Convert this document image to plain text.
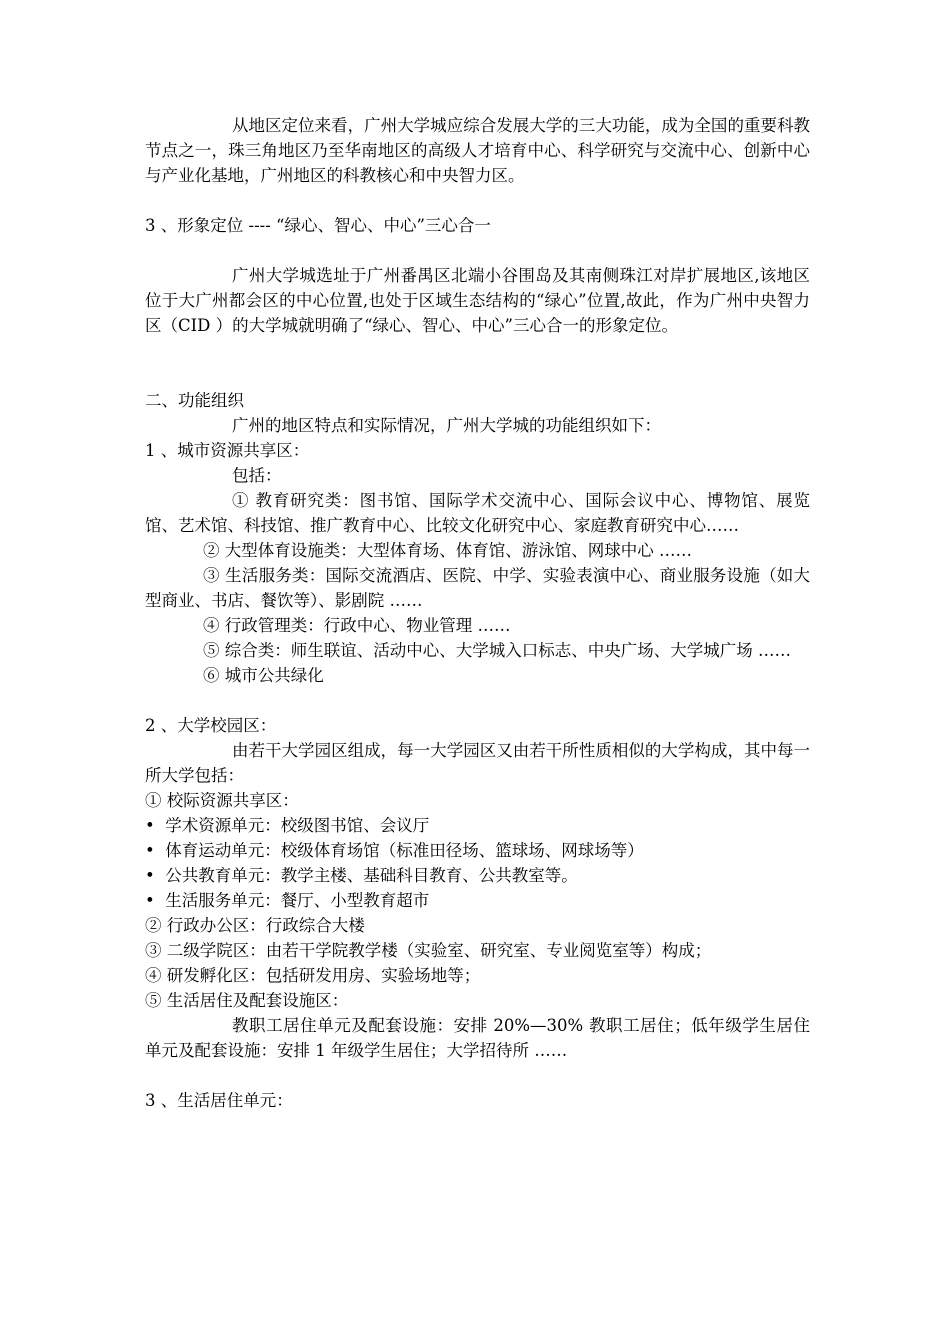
从地区定位来看，广州大学城应综合发展大学的三大功能，成为全国的重要科教节点之一，珠三角地区乃至华南地区的高级人才培育中心、科学研究与交流中心、创新中心与产业化基地，广州地区的科教核心和中央智力区。

3 、形象定位 ---- “绿心、智心、中心”三心合一

广州大学城选址于广州番禺区北端小谷围岛及其南侧珠江对岸扩展地区,该地区位于大广州都会区的中心位置,也处于区域生态结构的“绿心”位置,故此，作为广州中央智力区（CID ）的大学城就明确了“绿心、智心、中心”三心合一的形象定位。

二、功能组织

广州的地区特点和实际情况，广州大学城的功能组织如下：

1 、城市资源共享区：

包括：

① 教育研究类：图书馆、国际学术交流中心、国际会议中心、博物馆、展览馆、艺术馆、科技馆、推广教育中心、比较文化研究中心、家庭教育研究中心……

② 大型体育设施类：大型体育场、体育馆、游泳馆、网球中心 ……

③ 生活服务类：国际交流酒店、医院、中学、实验表演中心、商业服务设施（如大型商业、书店、餐饮等）、影剧院 ……

④ 行政管理类：行政中心、物业管理 ……

⑤ 综合类：师生联谊、活动中心、大学城入口标志、中央广场、大学城广场 ……

⑥ 城市公共绿化

2 、大学校园区：

由若干大学园区组成，每一大学园区又由若干所性质相似的大学构成，其中每一所大学包括：

① 校际资源共享区：

• 学术资源单元：校级图书馆、会议厅

• 体育运动单元：校级体育场馆（标准田径场、篮球场、网球场等）

• 公共教育单元：教学主楼、基础科目教育、公共教室等。

• 生活服务单元：餐厅、小型教育超市

② 行政办公区：行政综合大楼

③ 二级学院区：由若干学院教学楼（实验室、研究室、专业阅览室等）构成；

④ 研发孵化区：包括研发用房、实验场地等；

⑤ 生活居住及配套设施区：

教职工居住单元及配套设施：安排 20%—30% 教职工居住；低年级学生居住单元及配套设施：安排 1 年级学生居住；大学招待所 ……

3 、生活居住单元：
